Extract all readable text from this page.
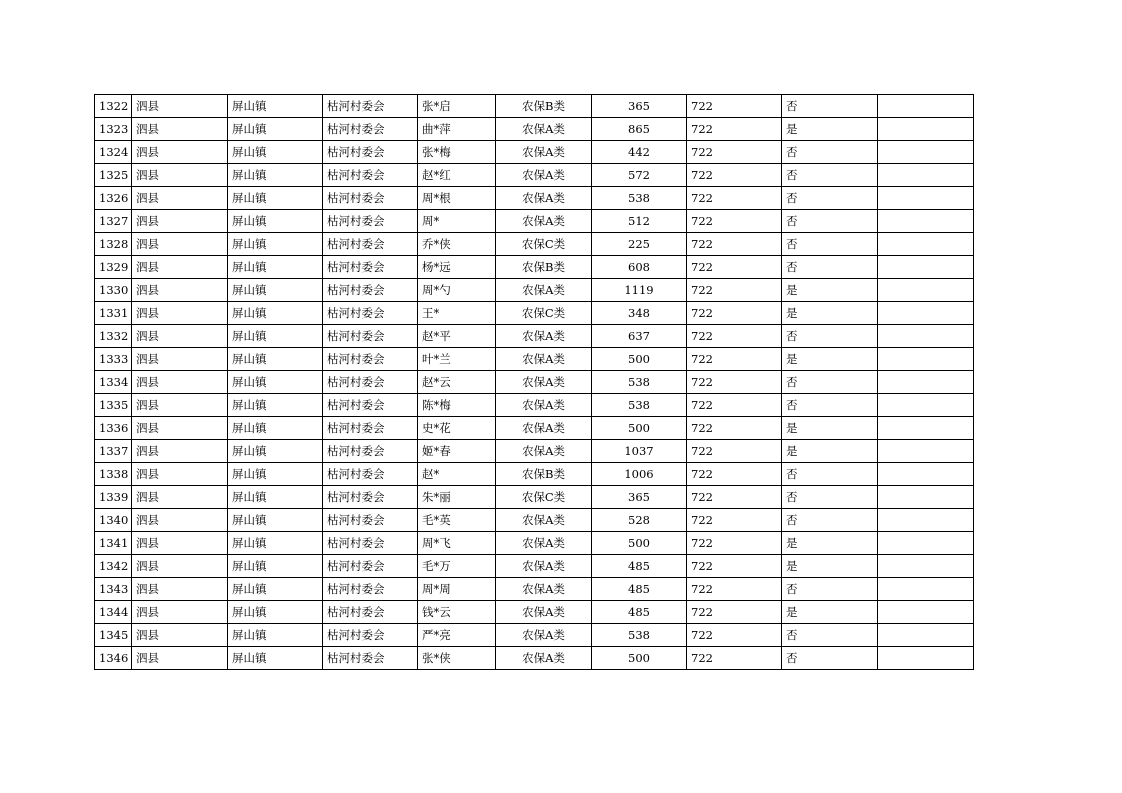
1322	泗县	屏山镇	枯河村委会	张*启	农保B类	365	722	否	
1323	泗县	屏山镇	枯河村委会	曲*萍	农保A类	865	722	是	
1324	泗县	屏山镇	枯河村委会	张*梅	农保A类	442	722	否	
1325	泗县	屏山镇	枯河村委会	赵*红	农保A类	572	722	否	
1326	泗县	屏山镇	枯河村委会	周*根	农保A类	538	722	否	
1327	泗县	屏山镇	枯河村委会	周*	农保A类	512	722	否	
1328	泗县	屏山镇	枯河村委会	乔*侠	农保C类	225	722	否	
1329	泗县	屏山镇	枯河村委会	杨*远	农保B类	608	722	否	
1330	泗县	屏山镇	枯河村委会	周*勺	农保A类	1119	722	是	
1331	泗县	屏山镇	枯河村委会	王*	农保C类	348	722	是	
1332	泗县	屏山镇	枯河村委会	赵*平	农保A类	637	722	否	
1333	泗县	屏山镇	枯河村委会	叶*兰	农保A类	500	722	是	
1334	泗县	屏山镇	枯河村委会	赵*云	农保A类	538	722	否	
1335	泗县	屏山镇	枯河村委会	陈*梅	农保A类	538	722	否	
1336	泗县	屏山镇	枯河村委会	史*花	农保A类	500	722	是	
1337	泗县	屏山镇	枯河村委会	姬*春	农保A类	1037	722	是	
1338	泗县	屏山镇	枯河村委会	赵*	农保B类	1006	722	否	
1339	泗县	屏山镇	枯河村委会	朱*丽	农保C类	365	722	否	
1340	泗县	屏山镇	枯河村委会	毛*英	农保A类	528	722	否	
1341	泗县	屏山镇	枯河村委会	周*飞	农保A类	500	722	是	
1342	泗县	屏山镇	枯河村委会	毛*万	农保A类	485	722	是	
1343	泗县	屏山镇	枯河村委会	周*周	农保A类	485	722	否	
1344	泗县	屏山镇	枯河村委会	钱*云	农保A类	485	722	是	
1345	泗县	屏山镇	枯河村委会	严*亮	农保A类	538	722	否	
1346	泗县	屏山镇	枯河村委会	张*侠	农保A类	500	722	否	
